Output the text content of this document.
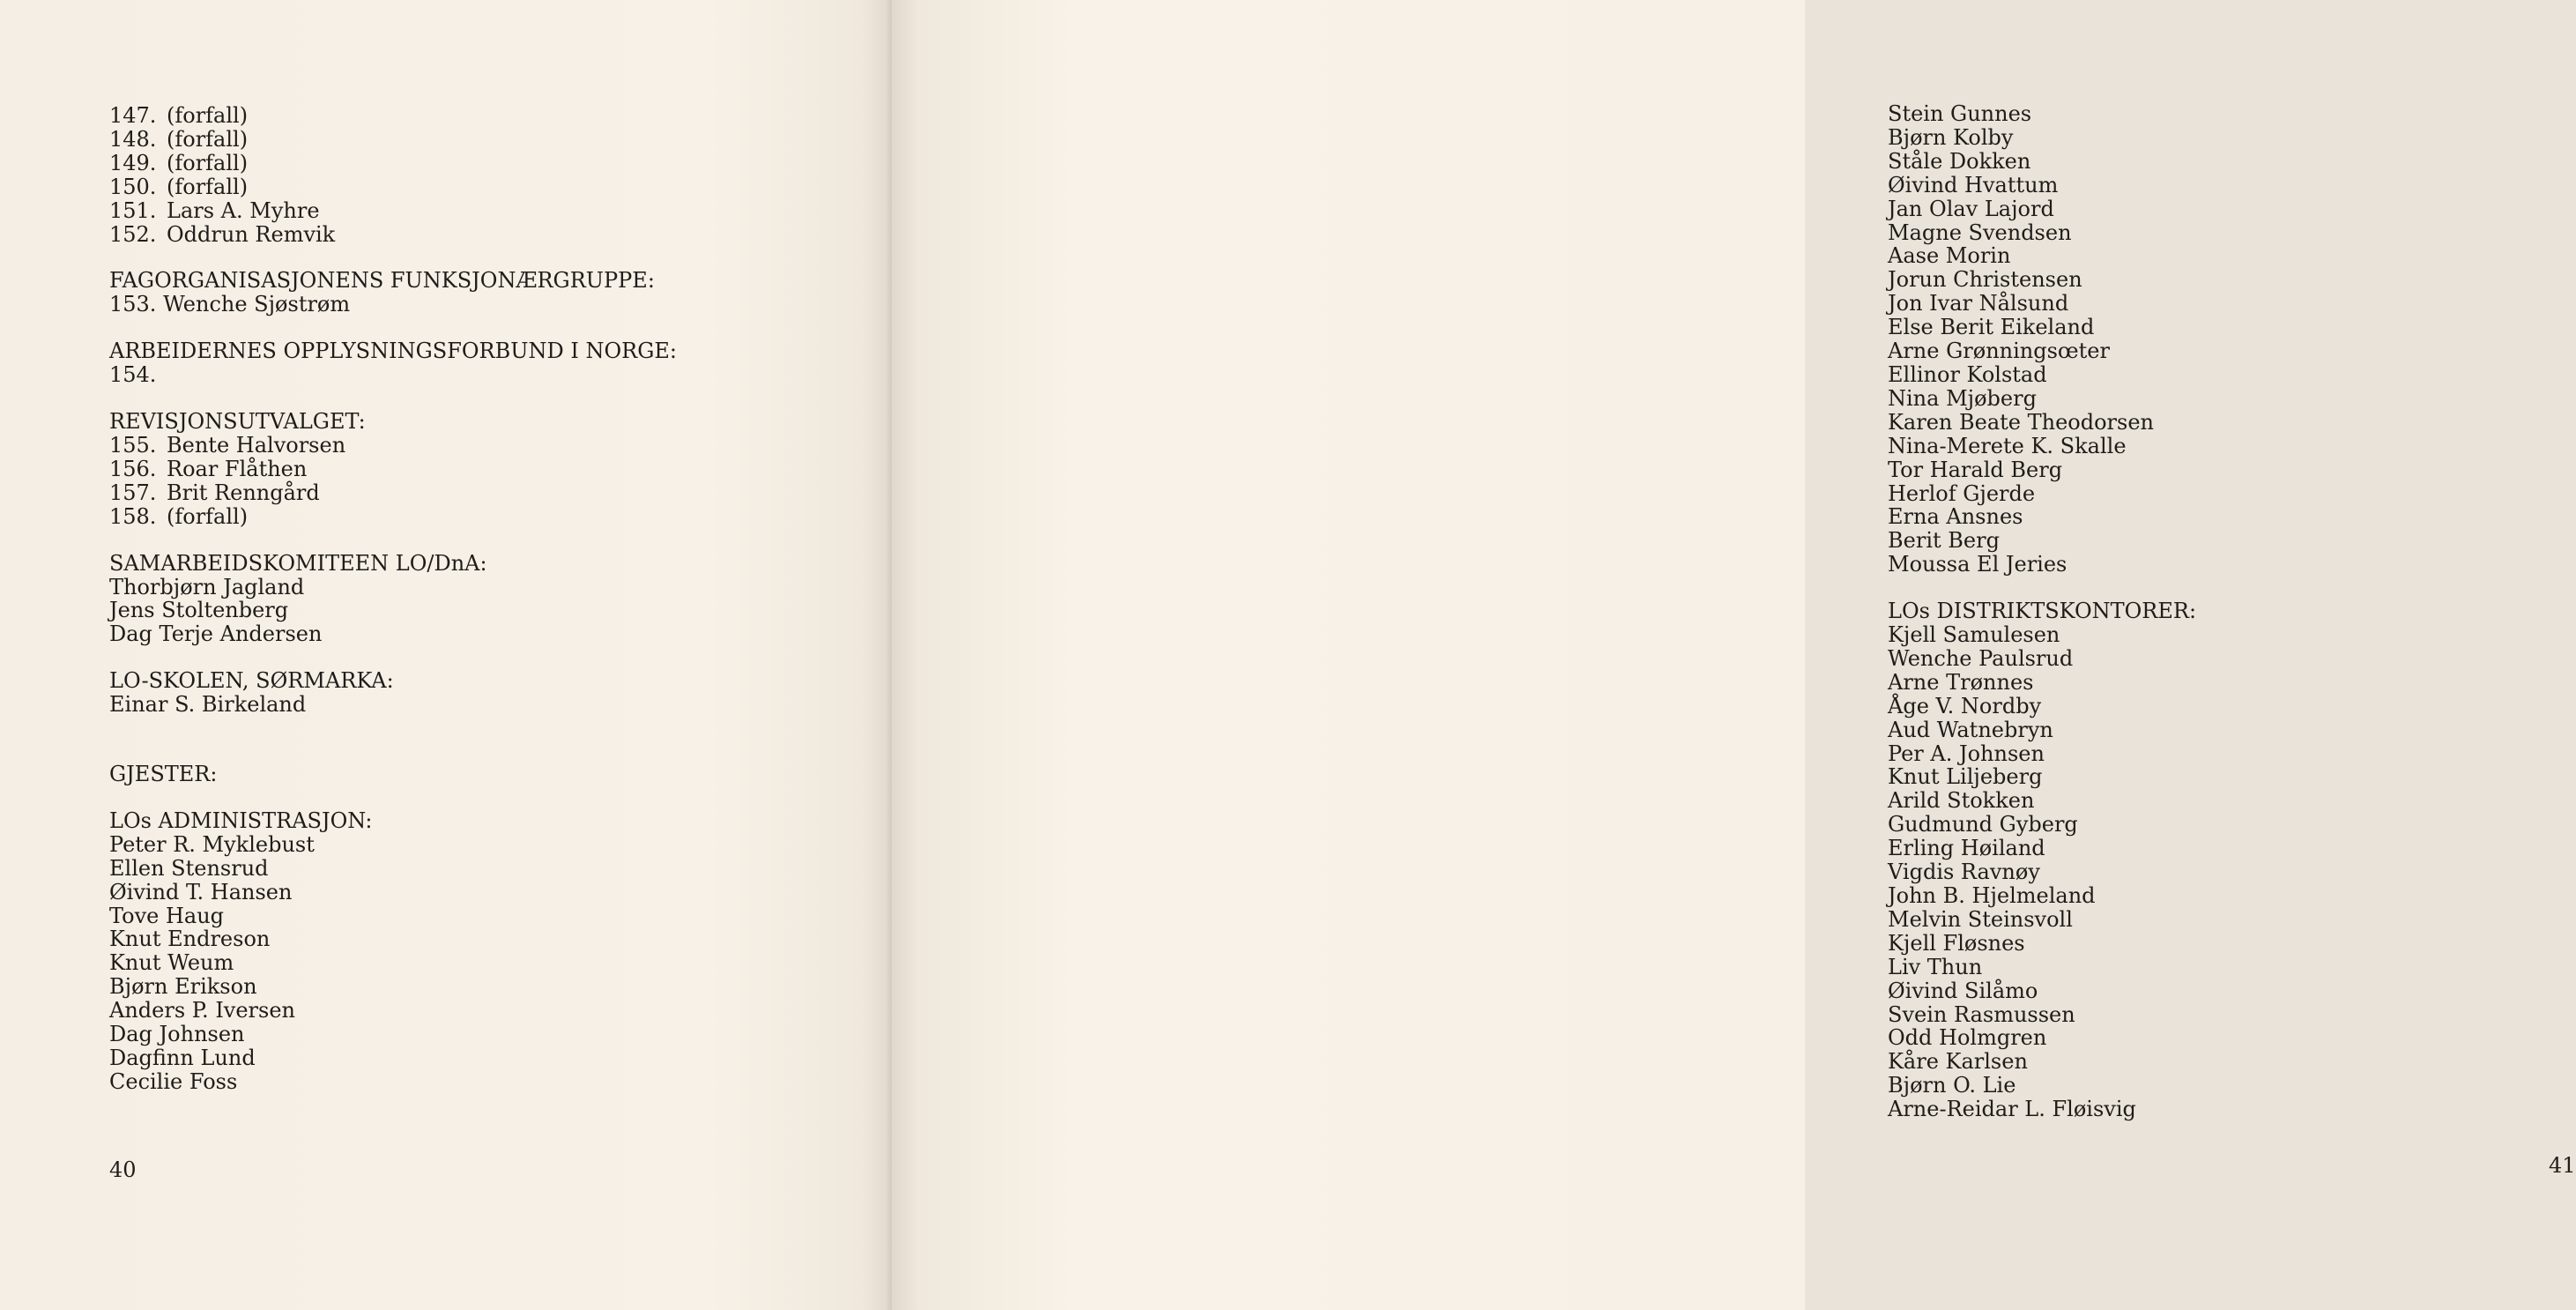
147. (forfall)
148. (forfall)
149. (forfall)
150. (forfall)
151. Lars A. Myhre
152. Oddrun Remvik
FAGORGANISASJONENS FUNKSJONÆRGRUPPE:
153. Wenche Sjøstrøm
ARBEIDERNES OPPLYSNINGSFORBUND I NORGE:
154.
REVISJONSUTVALGET:
155. Bente Halvorsen
156. Roar Flåthen
157. Brit Renngård
158. (forfall)
SAMARBEIDSKOMITEEN LO/DnA:
Thorbjørn Jagland
Jens Stoltenberg
Dag Terje Andersen
LO-SKOLEN, SØRMARKA:
Einar S. Birkeland
GJESTER:
LOs ADMINISTRASJON:
Peter R. Myklebust
Ellen Stensrud
Øivind T. Hansen
Tove Haug
Knut Endreson
Knut Weum
Bjørn Erikson
Anders P. Iversen
Dag Johnsen
Dagfinn Lund
Cecilie Foss
40
Stein Gunnes
Bjørn Kolby
Ståle Dokken
Øivind Hvattum
Jan Olav Lajord
Magne Svendsen
Aase Morin
Jorun Christensen
Jon Ivar Nålsund
Else Berit Eikeland
Arne Grønningsœter
Ellinor Kolstad
Nina Mjøberg
Karen Beate Theodorsen
Nina-Merete K. Skalle
Tor Harald Berg
Herlof Gjerde
Erna Ansnes
Berit Berg
Moussa El Jeries
LOs DISTRIKTSKONTORER:
Kjell Samulesen
Wenche Paulsrud
Arne Trønnes
Åge V. Nordby
Aud Watnebryn
Per A. Johnsen
Knut Liljeberg
Arild Stokken
Gudmund Gyberg
Erling Høiland
Vigdis Ravnøy
John B. Hjelmeland
Melvin Steinsvoll
Kjell Fløsnes
Liv Thun
Øivind Silåmo
Svein Rasmussen
Odd Holmgren
Kåre Karlsen
Bjørn O. Lie
Arne-Reidar L. Fløisvig
41
